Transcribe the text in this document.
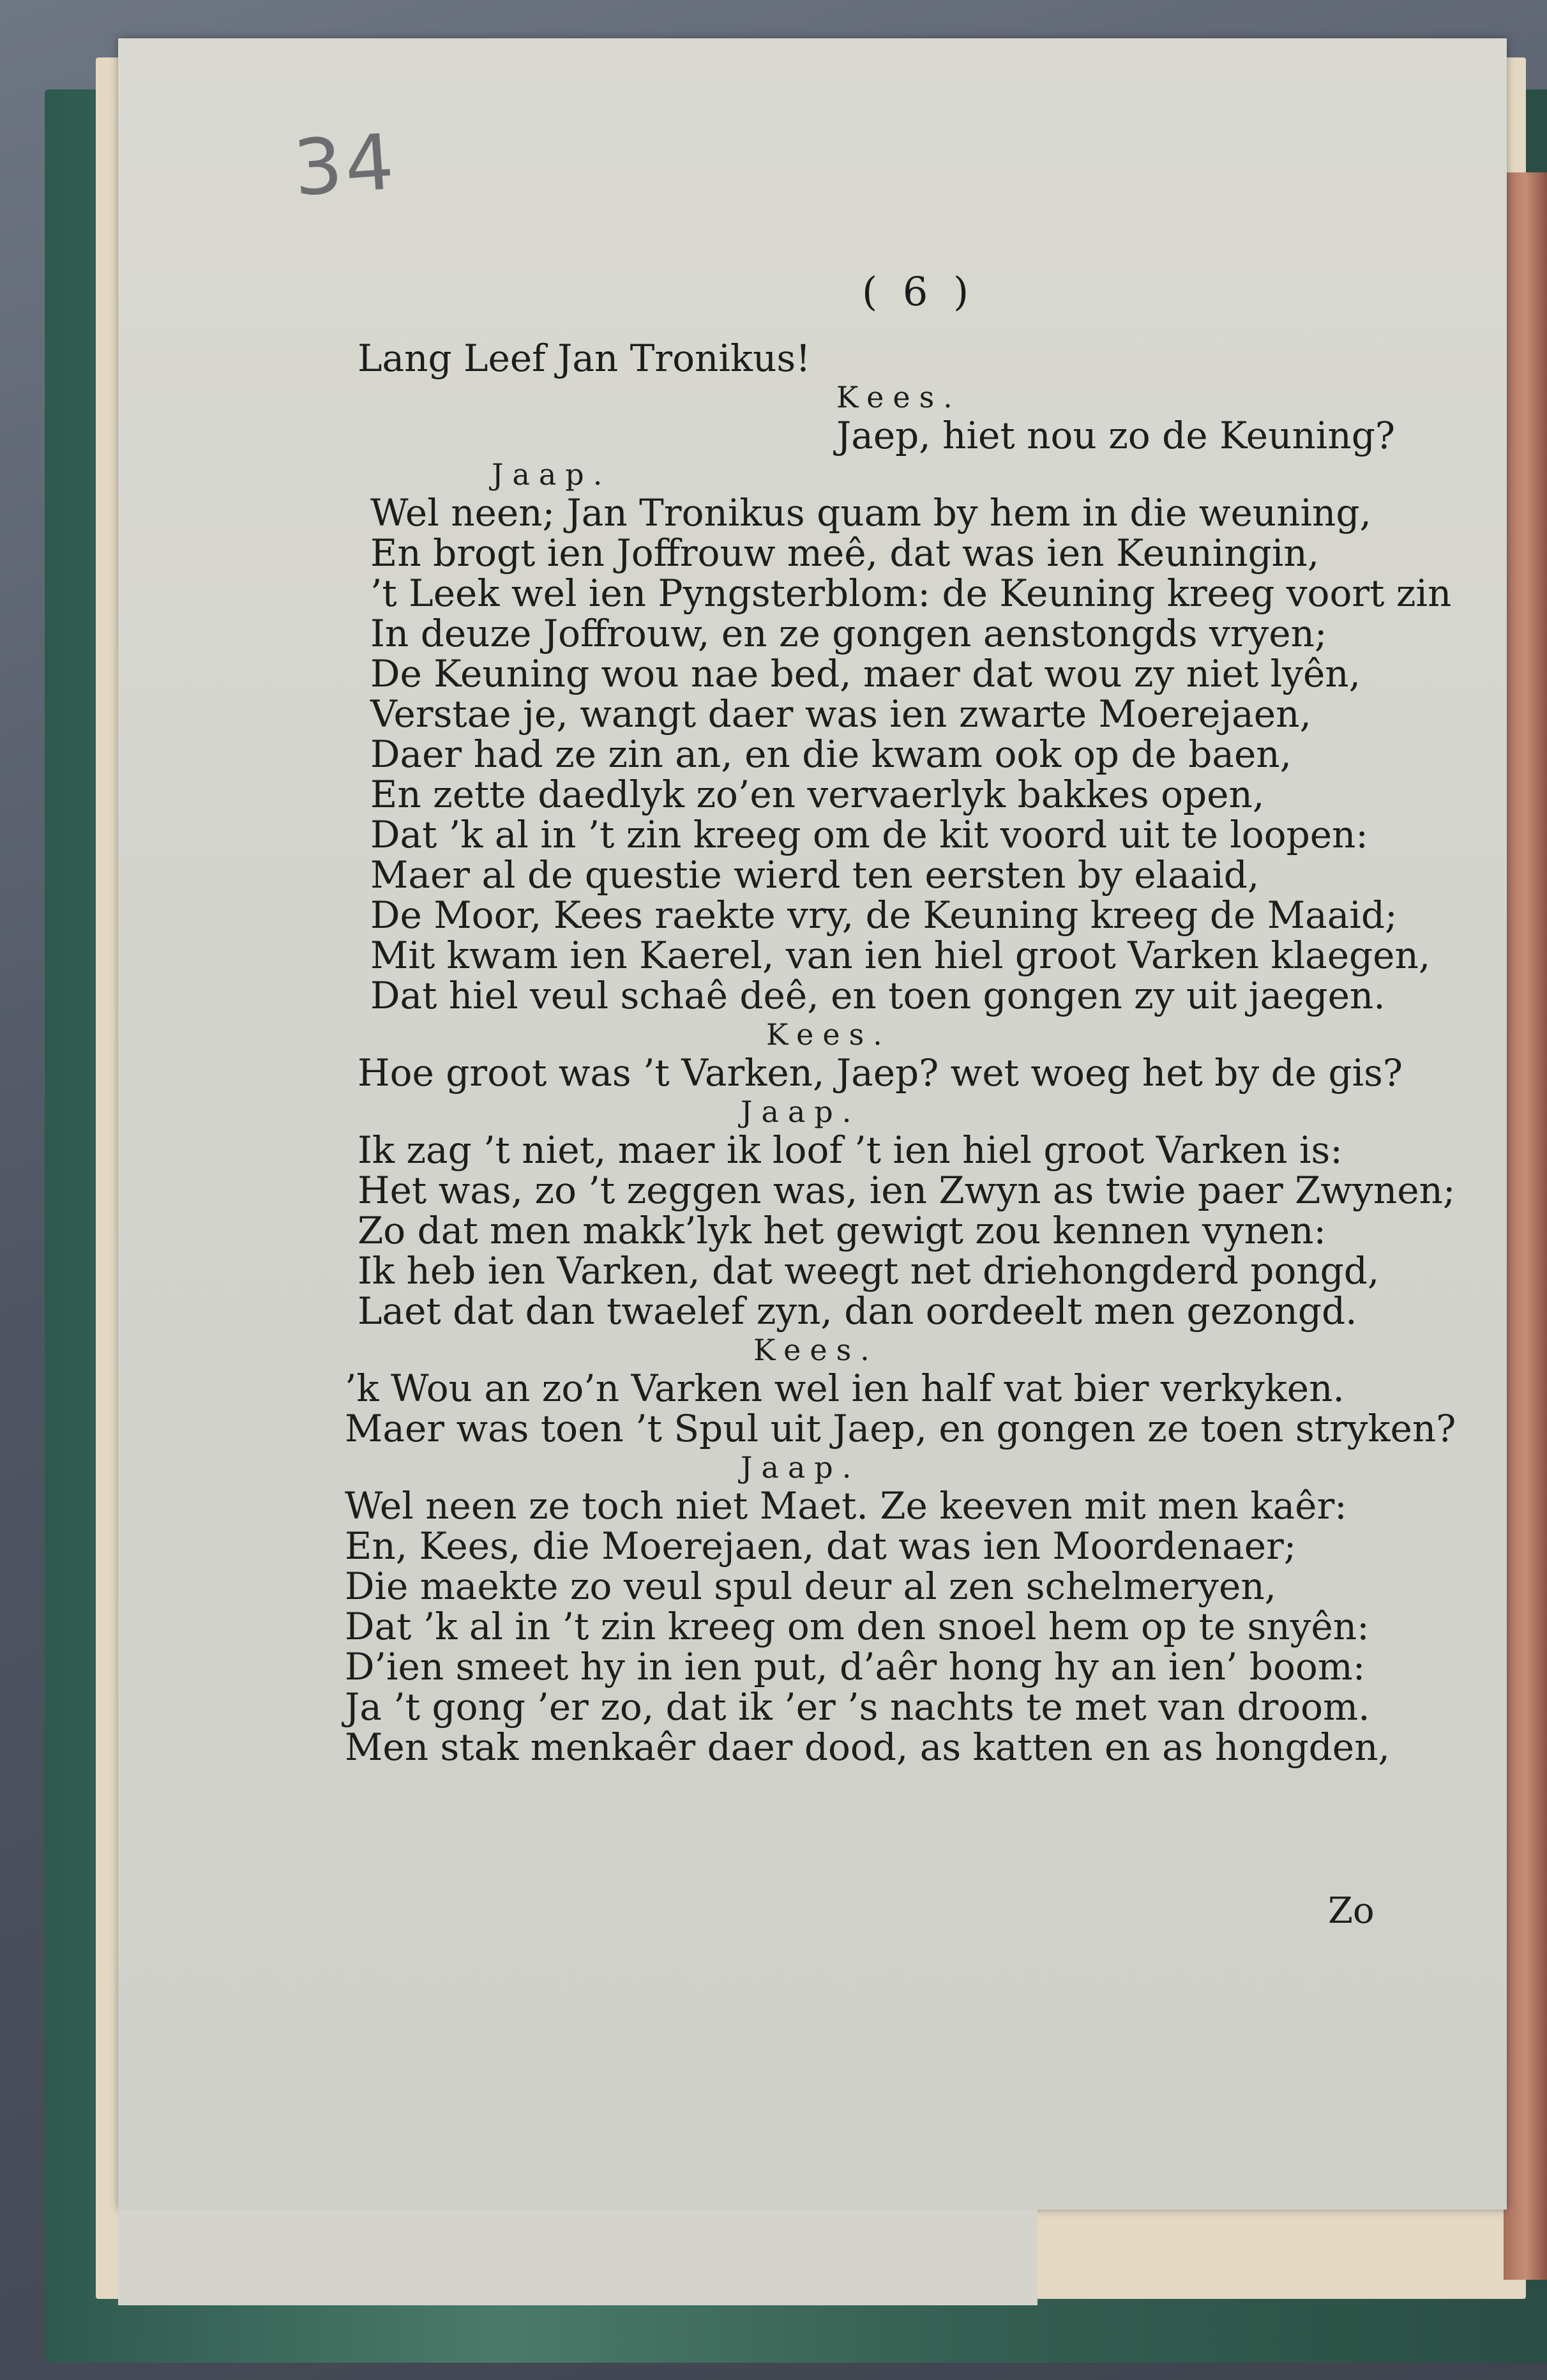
34
( 6 )
Lang Leef Jan Tronikus!
Kees.
Jaep, hiet nou zo de Keuning?
Jaap.
Wel neen; Jan Tronikus quam by hem in die weuning,
En brogt ien Joffrouw meê, dat was ien Keuningin,
’t Leek wel ien Pyngsterblom: de Keuning kreeg voort zin
In deuze Joffrouw, en ze gongen aenstongds vryen;
De Keuning wou nae bed, maer dat wou zy niet lyên,
Verstae je, wangt daer was ien zwarte Moerejaen,
Daer had ze zin an, en die kwam ook op de baen,
En zette daedlyk zo’en vervaerlyk bakkes open,
Dat ’k al in ’t zin kreeg om de kit voord uit te loopen:
Maer al de questie wierd ten eersten by elaaid,
De Moor, Kees raekte vry, de Keuning kreeg de Maaid;
Mit kwam ien Kaerel, van ien hiel groot Varken klaegen,
Dat hiel veul schaê deê, en toen gongen zy uit jaegen.
Kees.
Hoe groot was ’t Varken, Jaep? wet woeg het by de gis?
Jaap.
Ik zag ’t niet, maer ik loof ’t ien hiel groot Varken is:
Het was, zo ’t zeggen was, ien Zwyn as twie paer Zwynen;
Zo dat men makk’lyk het gewigt zou kennen vynen:
Ik heb ien Varken, dat weegt net driehongderd pongd,
Laet dat dan twaelef zyn, dan oordeelt men gezongd.
Kees.
’k Wou an zo’n Varken wel ien half vat bier verkyken.
Maer was toen ’t Spul uit Jaep, en gongen ze toen stryken?
Jaap.
Wel neen ze toch niet Maet. Ze keeven mit men kaêr:
En, Kees, die Moerejaen, dat was ien Moordenaer;
Die maekte zo veul spul deur al zen schelmeryen,
Dat ’k al in ’t zin kreeg om den snoel hem op te snyên:
D’ien smeet hy in ien put, d’aêr hong hy an ien’ boom:
Ja ’t gong ’er zo, dat ik ’er ’s nachts te met van droom.
Men stak menkaêr daer dood, as katten en as hongden,
Zo
